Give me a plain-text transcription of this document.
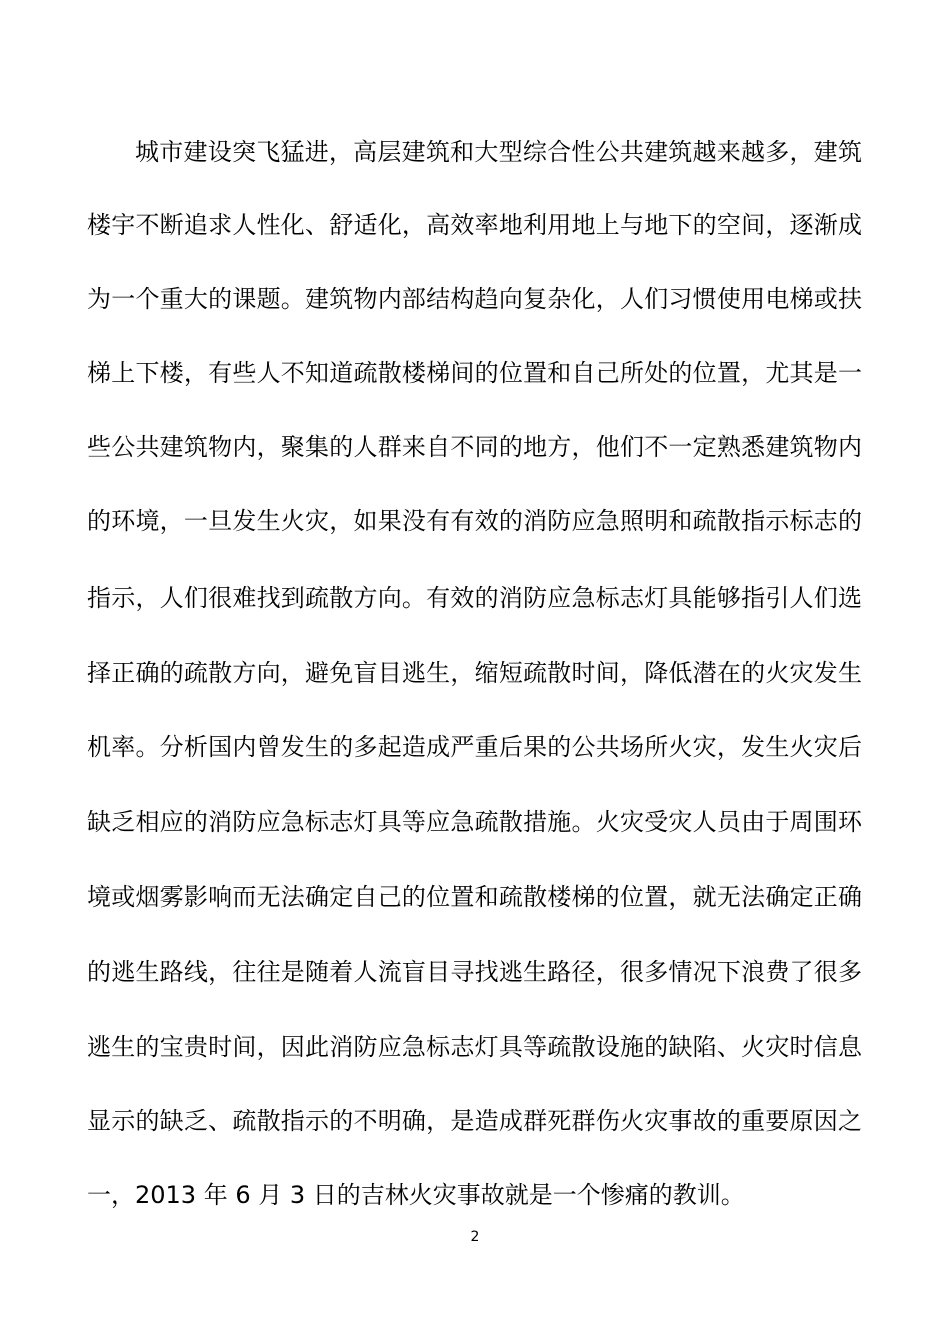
城市建设突飞猛进，高层建筑和大型综合性公共建筑越来越多，建筑
楼宇不断追求人性化、舒适化，高效率地利用地上与地下的空间，逐渐成
为一个重大的课题。建筑物内部结构趋向复杂化，人们习惯使用电梯或扶
梯上下楼，有些人不知道疏散楼梯间的位置和自己所处的位置，尤其是一
些公共建筑物内，聚集的人群来自不同的地方，他们不一定熟悉建筑物内
的环境，一旦发生火灾，如果没有有效的消防应急照明和疏散指示标志的
指示，人们很难找到疏散方向。有效的消防应急标志灯具能够指引人们选
择正确的疏散方向，避免盲目逃生，缩短疏散时间，降低潜在的火灾发生
机率。分析国内曾发生的多起造成严重后果的公共场所火灾，发生火灾后
缺乏相应的消防应急标志灯具等应急疏散措施。火灾受灾人员由于周围环
境或烟雾影响而无法确定自己的位置和疏散楼梯的位置，就无法确定正确
的逃生路线，往往是随着人流盲目寻找逃生路径，很多情况下浪费了很多
逃生的宝贵时间，因此消防应急标志灯具等疏散设施的缺陷、火灾时信息
显示的缺乏、疏散指示的不明确，是造成群死群伤火灾事故的重要原因之
一，2013 年 6 月 3 日的吉林火灾事故就是一个惨痛的教训。
2
